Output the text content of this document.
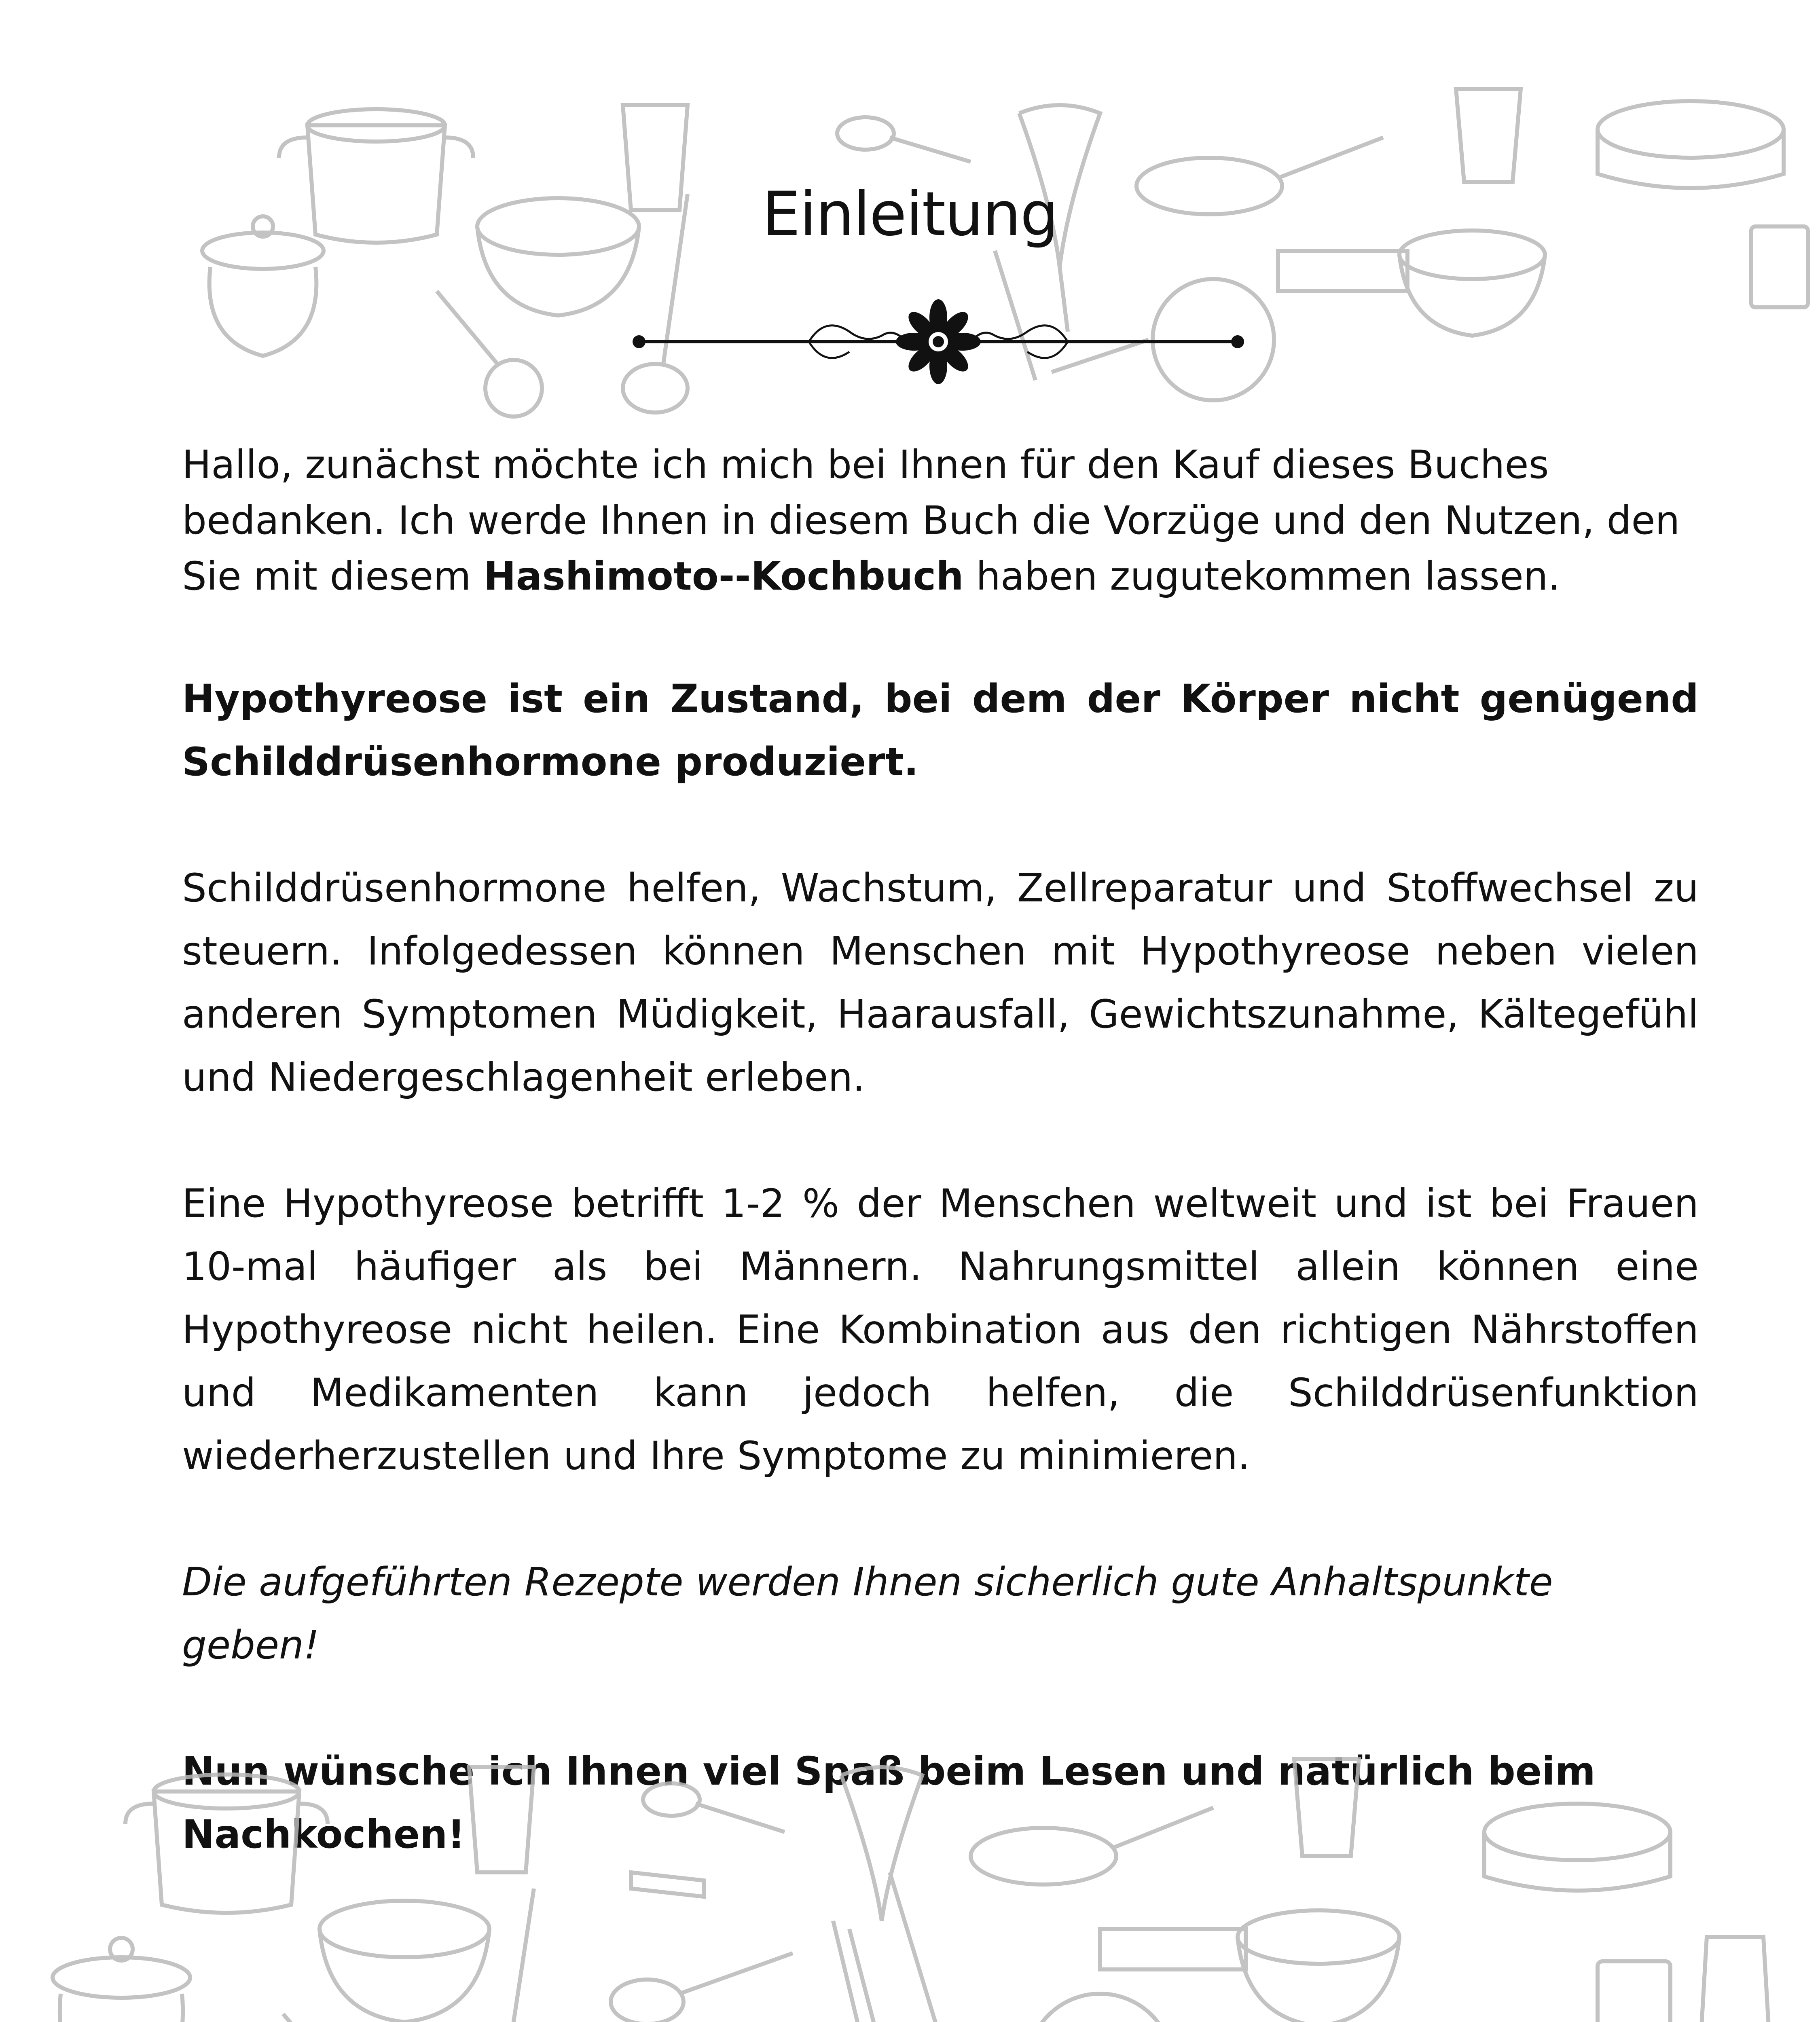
Einleitung

Hallo, zunächst möchte ich mich bei Ihnen für den Kauf dieses Buches bedanken. Ich werde Ihnen in diesem Buch die Vorzüge und den Nutzen, den Sie mit diesem Hashimoto--Kochbuch haben zugutekommen lassen.

Hypothyreose ist ein Zustand, bei dem der Körper nicht genügend Schilddrüsenhormone produziert.

Schilddrüsenhormone helfen, Wachstum, Zellreparatur und Stoffwechsel zu steuern. Infolgedessen können Menschen mit Hypothyreose neben vielen anderen Symptomen Müdigkeit, Haarausfall, Gewichtszunahme, Kältegefühl und Niedergeschlagenheit erleben.

Eine Hypothyreose betrifft 1-2 % der Menschen weltweit und ist bei Frauen 10-mal häufiger als bei Männern. Nahrungsmittel allein können eine Hypothyreose nicht heilen. Eine Kombination aus den richtigen Nährstoffen und Medikamenten kann jedoch helfen, die Schilddrüsenfunktion wiederherzustellen und Ihre Symptome zu minimieren.

Die aufgeführten Rezepte werden Ihnen sicherlich gute Anhaltspunkte geben!

Nun wünsche ich Ihnen viel Spaß beim Lesen und natürlich beim Nachkochen!
